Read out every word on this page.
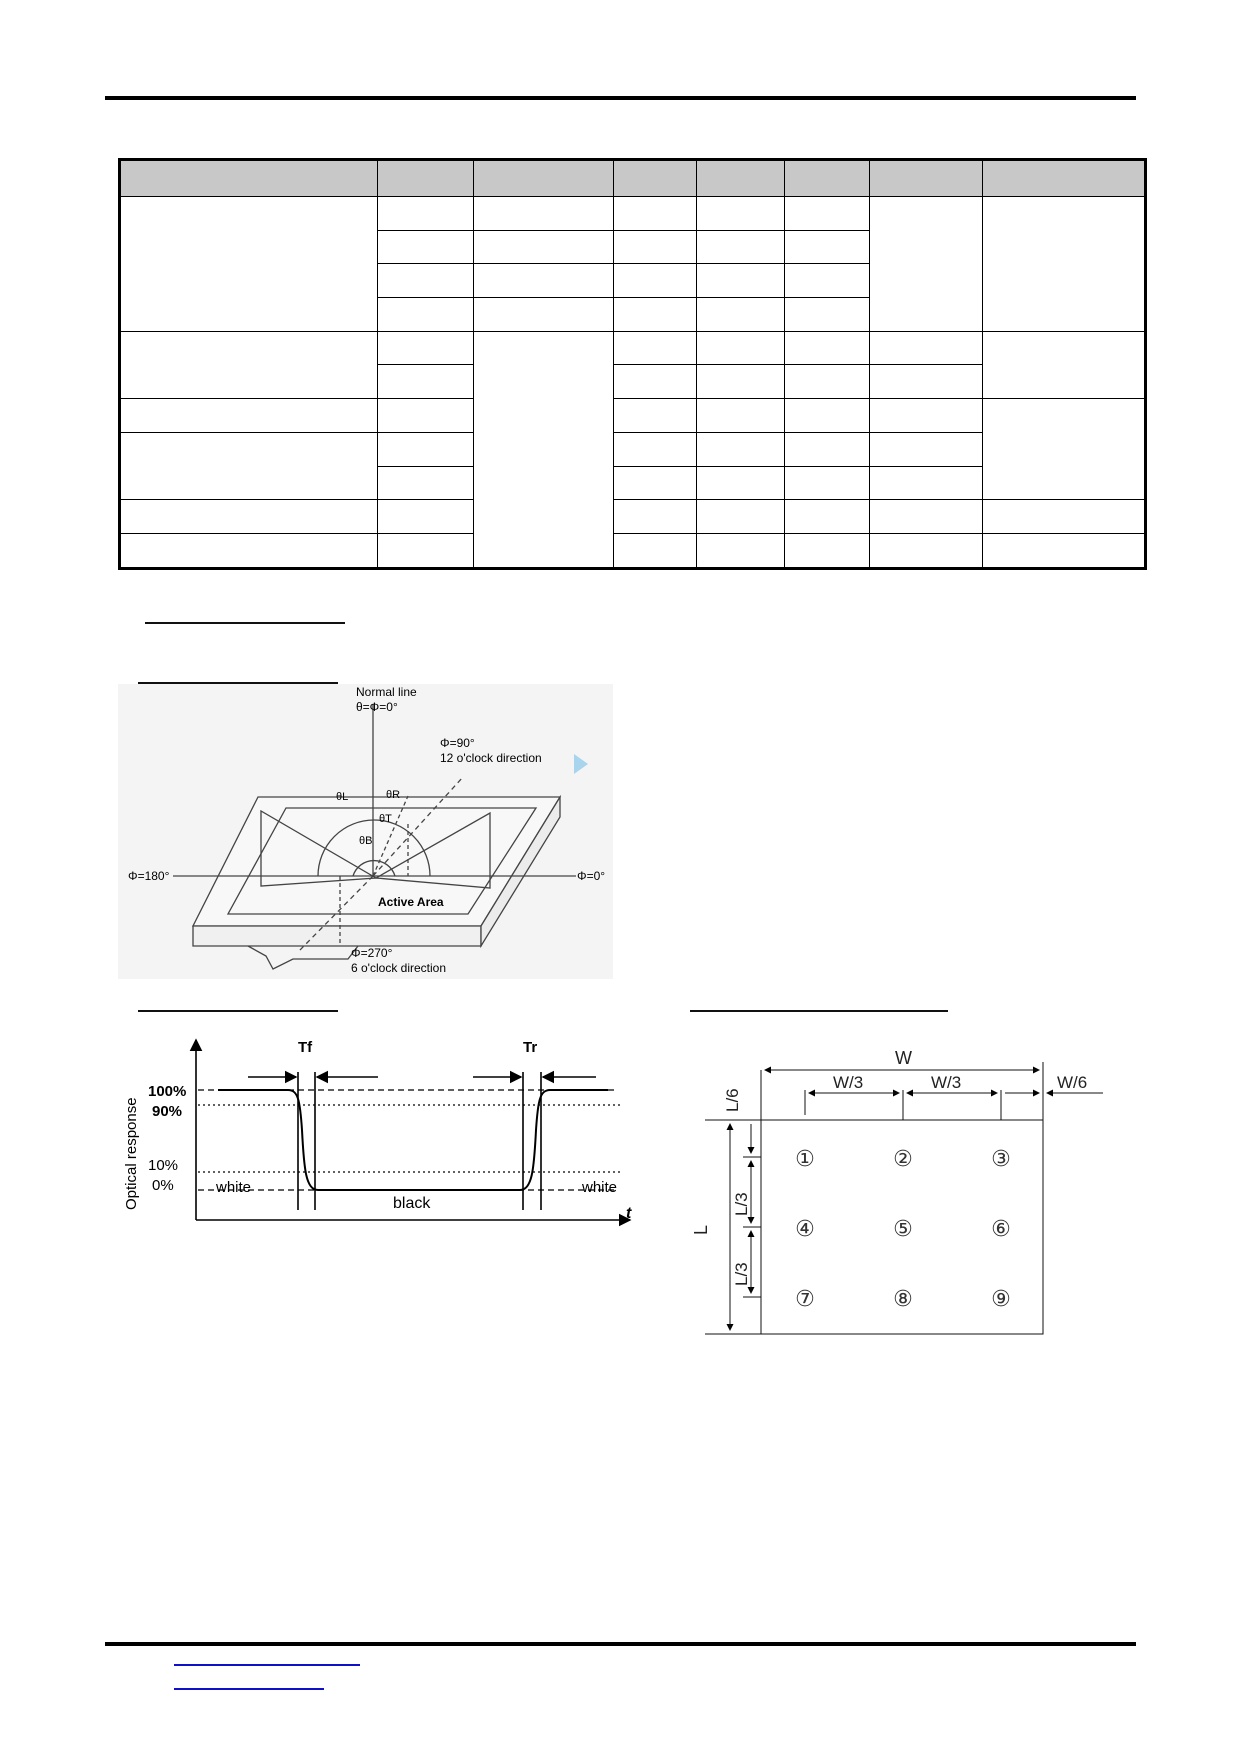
Normal line
θ=Φ=0°
Φ=90°
12 o'clock direction
θL	θR
θT
θB
Φ=180°	Φ=0°
Active Area
Φ=270°
6 o'clock direction
Tf	Tr
Optical response
100%
90%
10%
0%	white	white
black
t
W
W/3	W/3	W/6
L/6
L/3
L/3
L
①	②	③
④	⑤	⑥
⑦	⑧	⑨
